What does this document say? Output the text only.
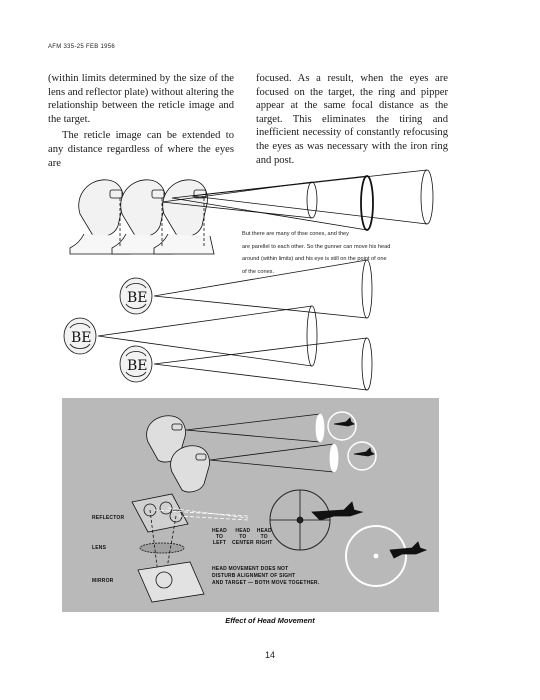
AFM 335-25 FEB 1956

(within limits determined by the size of the lens and reflector plate) without altering the relationship between the reticle image and the target.

The reticle image can be extended to any distance regardless of where the eyes are

focused. As a result, when the eyes are focused on the target, the ring and pipper appear at the same focal distance as the target. This eliminates the tiring and inefficient necessity of constantly refocusing the eyes as was necessary with the iron ring and post.

BE
BE
BE
But there are many of thse cones, and they
are parellel to each other. So the gunner can move his head
around (within limits) and his eye is still on the point of one
of the cones.
REFLECTOR
LENS
MIRROR
HEAD
TO
LEFT
HEAD
TO
CENTER
HEAD
TO
RIGHT
HEAD MOVEMENT DOES NOT
DISTURB ALIGNMENT OF SIGHT
AND TARGET — BOTH MOVE TOGETHER.
Effect of Head Movement
14
